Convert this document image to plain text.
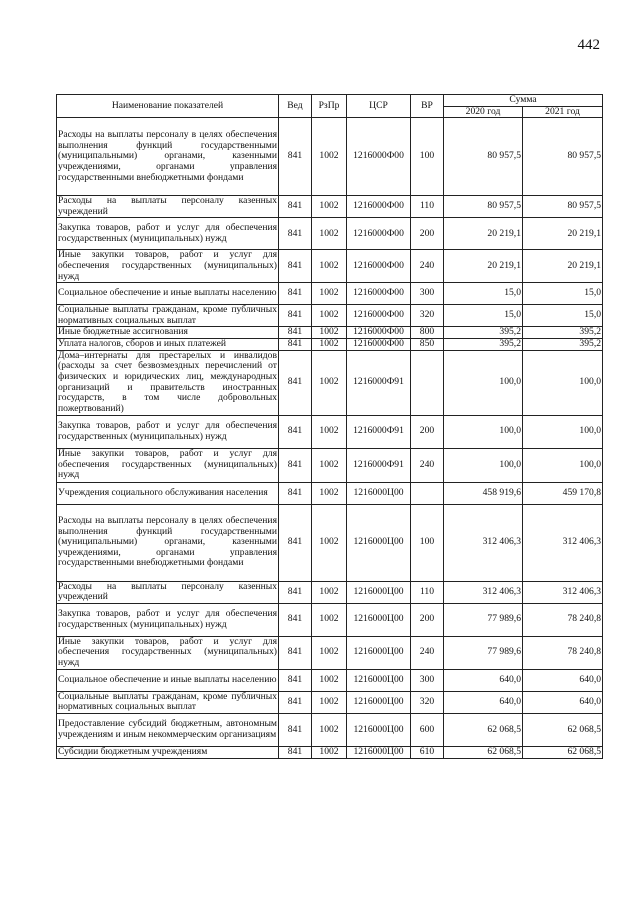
442
Наименование показателей	Вед	РзПр	ЦСР	ВР	Сумма	
					2020 год	2021 год
Расходы на выплаты персоналу в целях обеспечения выполнения функций государственными (муниципальными) органами, казенными учреждениями, органами управления государственными внебюджетными фондами	841	1002	1216000Ф00	100	80 957,5	80 957,5
Расходы на выплаты персоналу казенных учреждений	841	1002	1216000Ф00	110	80 957,5	80 957,5
Закупка товаров, работ и услуг для обеспечения государственных (муниципальных) нужд	841	1002	1216000Ф00	200	20 219,1	20 219,1
Иные закупки товаров, работ и услуг для обеспечения государственных (муниципальных) нужд	841	1002	1216000Ф00	240	20 219,1	20 219,1
Социальное обеспечение и иные выплаты населению	841	1002	1216000Ф00	300	15,0	15,0
Социальные выплаты гражданам, кроме публичных нормативных социальных выплат	841	1002	1216000Ф00	320	15,0	15,0
Иные бюджетные ассигнования	841	1002	1216000Ф00	800	395,2	395,2
Уплата налогов, сборов и иных платежей	841	1002	1216000Ф00	850	395,2	395,2
Дома–интернаты для престарелых и инвалидов (расходы за счет безвозмездных перечислений от физических и юридических лиц, международных организаций и правительств иностранных государств, в том числе добровольных пожертвований)	841	1002	1216000Ф91		100,0	100,0
Закупка товаров, работ и услуг для обеспечения государственных (муниципальных) нужд	841	1002	1216000Ф91	200	100,0	100,0
Иные закупки товаров, работ и услуг для обеспечения государственных (муниципальных) нужд	841	1002	1216000Ф91	240	100,0	100,0
Учреждения социального обслуживания населения	841	1002	1216000Ц00		458 919,6	459 170,8
Расходы на выплаты персоналу в целях обеспечения выполнения функций государственными (муниципальными) органами, казенными учреждениями, органами управления государственными внебюджетными фондами	841	1002	1216000Ц00	100	312 406,3	312 406,3
Расходы на выплаты персоналу казенных учреждений	841	1002	1216000Ц00	110	312 406,3	312 406,3
Закупка товаров, работ и услуг для обеспечения государственных (муниципальных) нужд	841	1002	1216000Ц00	200	77 989,6	78 240,8
Иные закупки товаров, работ и услуг для обеспечения государственных (муниципальных) нужд	841	1002	1216000Ц00	240	77 989,6	78 240,8
Социальное обеспечение и иные выплаты населению	841	1002	1216000Ц00	300	640,0	640,0
Социальные выплаты гражданам, кроме публичных нормативных социальных выплат	841	1002	1216000Ц00	320	640,0	640,0
Предоставление субсидий бюджетным, автономным учреждениям и иным некоммерческим организациям	841	1002	1216000Ц00	600	62 068,5	62 068,5
Субсидии бюджетным учреждениям	841	1002	1216000Ц00	610	62 068,5	62 068,5
